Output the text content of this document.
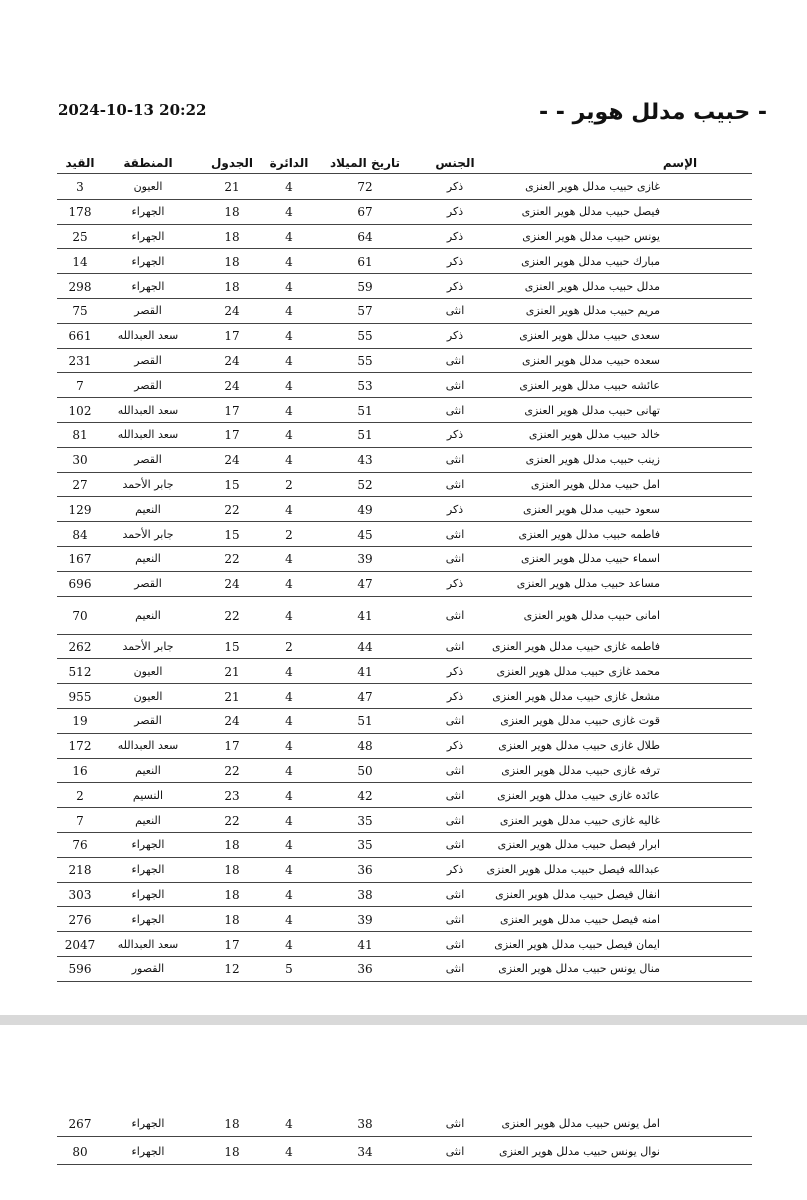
- حبيب مدلل هوير - -
2024-10-13 20:22
الإسم
الجنس
تاريخ الميلاد
الدائرة
الجدول
المنطقة
القيد
غازى حبيب مدلل هوير العنزى
ذكر
72
4
21
العيون
3
فيصل حبيب مدلل هوير العنزى
ذكر
67
4
18
الجهراء
178
يونس حبيب مدلل هوير العنزى
ذكر
64
4
18
الجهراء
25
مبارك حبيب مدلل هوير العنزى
ذكر
61
4
18
الجهراء
14
مدلل حبيب مدلل هوير العنزى
ذكر
59
4
18
الجهراء
298
مريم حبيب مدلل هوير العنزى
انثى
57
4
24
القصر
75
سعدى حبيب مدلل هوير العنزى
ذكر
55
4
17
سعد العبدالله
661
سعده حبيب مدلل هوير العنزى
انثى
55
4
24
القصر
231
عائشه حبيب مدلل هوير العنزى
انثى
53
4
24
القصر
7
تهانى حبيب مدلل هوير العنزى
انثى
51
4
17
سعد العبدالله
102
خالد حبيب مدلل هوير العنزى
ذكر
51
4
17
سعد العبدالله
81
زينب حبيب مدلل هوير العنزى
انثى
43
4
24
القصر
30
امل حبيب مدلل هوير العنزى
انثى
52
2
15
جابر الأحمد
27
سعود حبيب مدلل هوير العنزى
ذكر
49
4
22
النعيم
129
فاطمه حبيب مدلل هوير العنزى
انثى
45
2
15
جابر الأحمد
84
اسماء حبيب مدلل هوير العنزى
انثى
39
4
22
النعيم
167
مساعد حبيب مدلل هوير العنزى
ذكر
47
4
24
القصر
696
امانى حبيب مدلل هوير العنزى
انثى
41
4
22
النعيم
70
فاطمه غازى حبيب مدلل هوير العنزى
انثى
44
2
15
جابر الأحمد
262
محمد غازى حبيب مدلل هوير العنزى
ذكر
41
4
21
العيون
512
مشعل غازى حبيب مدلل هوير العنزى
ذكر
47
4
21
العيون
955
قوت غازى حبيب مدلل هوير العنزى
انثى
51
4
24
القصر
19
طلال غازى حبيب مدلل هوير العنزى
ذكر
48
4
17
سعد العبدالله
172
ترفه غازى حبيب مدلل هوير العنزى
انثى
50
4
22
النعيم
16
عائده غازى حبيب مدلل هوير العنزى
انثى
42
4
23
النسيم
2
غاليه غازى حبيب مدلل هوير العنزى
انثى
35
4
22
النعيم
7
ابرار فيصل حبيب مدلل هوير العنزى
انثى
35
4
18
الجهراء
76
عبدالله فيصل حبيب مدلل هوير العنزى
ذكر
36
4
18
الجهراء
218
انفال فيصل حبيب مدلل هوير العنزى
انثى
38
4
18
الجهراء
303
امنه فيصل حبيب مدلل هوير العنزى
انثى
39
4
18
الجهراء
276
ايمان فيصل حبيب مدلل هوير العنزى
انثى
41
4
17
سعد العبدالله
2047
منال يونس حبيب مدلل هوير العنزى
انثى
36
5
12
القصور
596
امل يونس حبيب مدلل هوير العنزى
انثى
38
4
18
الجهراء
267
نوال يونس حبيب مدلل هوير العنزى
انثى
34
4
18
الجهراء
80
